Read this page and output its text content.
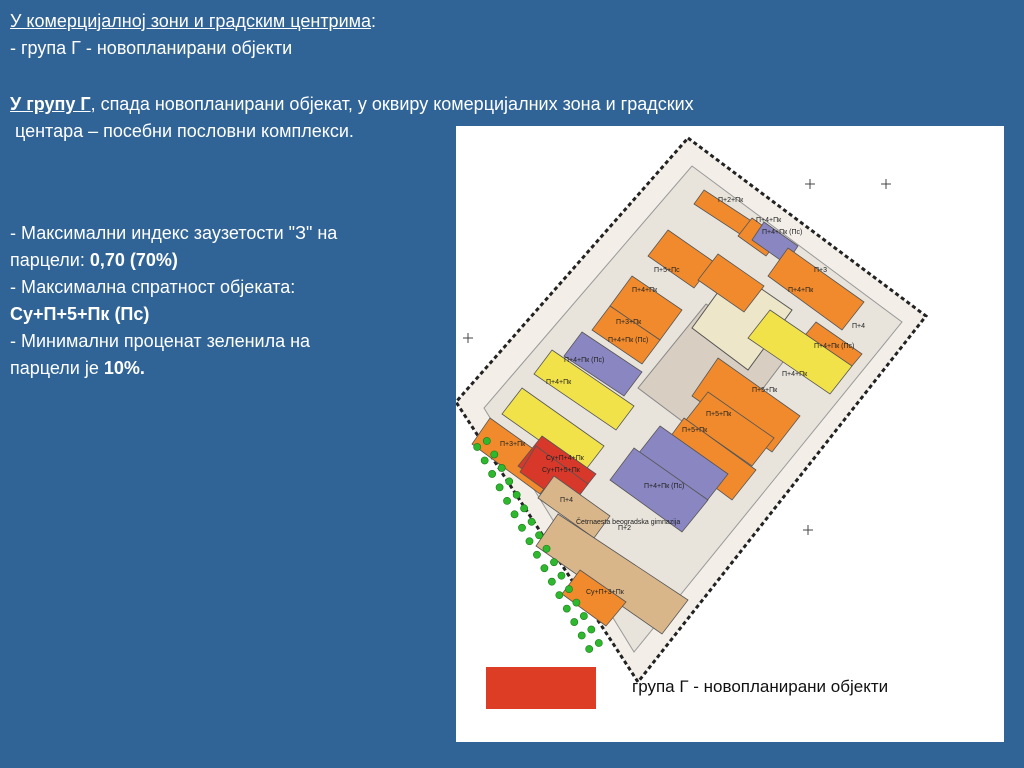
У комерцијалној зони и градским центрима:
- група Г - новопланирани објекти
У групу Г, спада новопланирани објекат, у оквиру комерцијалних зона и градских
центара – посебни пословни комплекси.
- Максимални индекс заузетости "З" на
парцели: 0,70 (70%)
- Максимална спратност објеката:
Су+П+5+Пк (Пс)
- Минимални проценат зеленила на
парцели је 10%.
П+2+Пк
П+4+Пк
П+4+Пк (Пс)
П+3
П+5+Пс
П+4+Пк
П+4+Пк
П+3+Пк
П+4+Пк (Пс)
П+4
П+4+Пк (Пс)
П+4+Пк (Пс)
П+5+Пк
П+4+Пк
П+5+Пк
П+4+Пк
П+5+Пк
П+3+Пк
Су+П+4+Пк
Су+П+5+Пк
П+4
П+4+Пк (Пс)
П+2
Су+П+3+Пк
Četrnaesta beogradska gimnazija
група Г - новопланирани објекти
